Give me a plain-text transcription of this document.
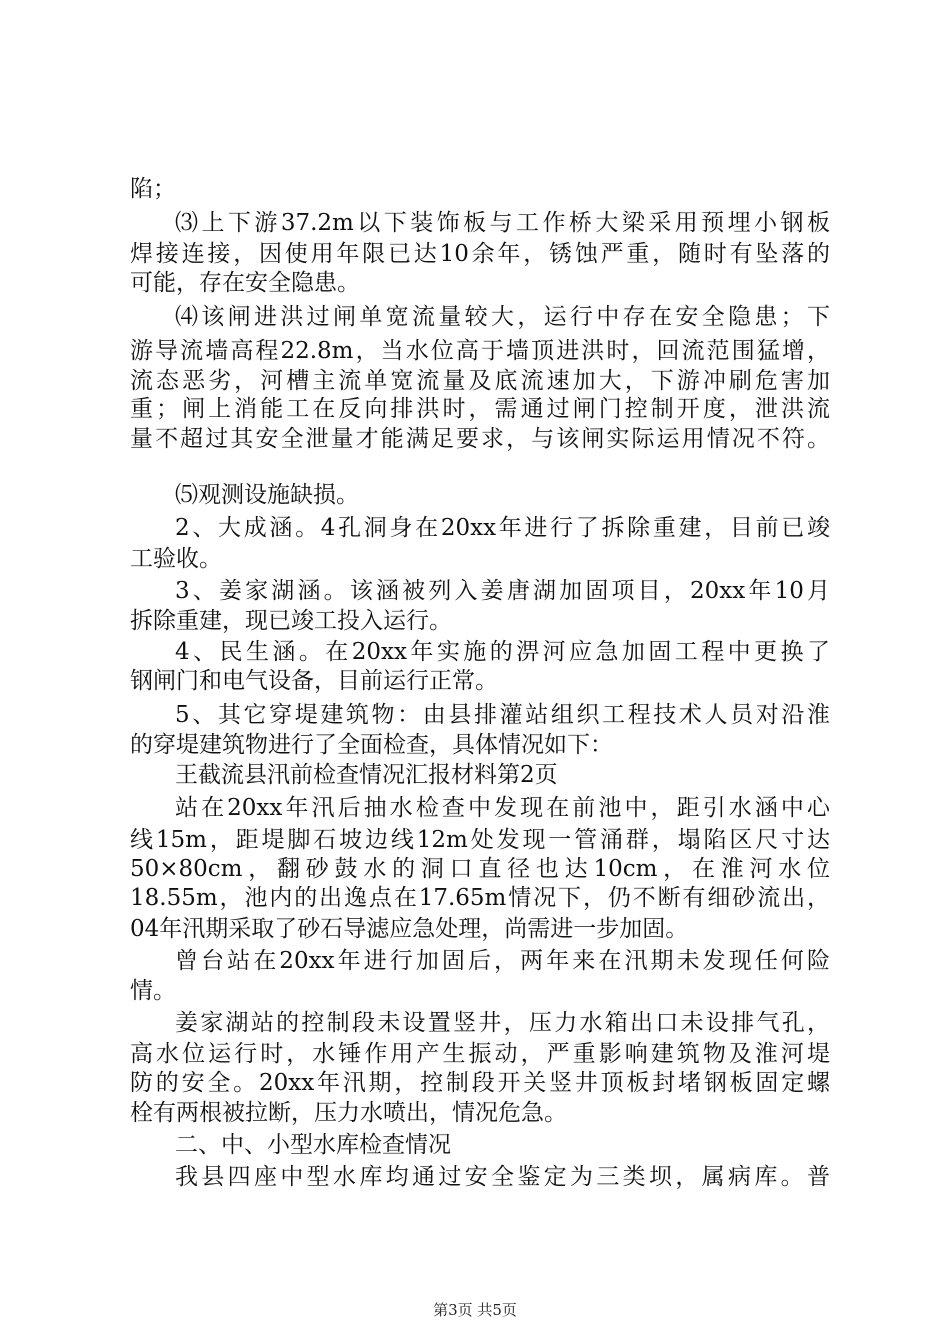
陷；
⑶上下游37.2m以下装饰板与工作桥大梁采用预埋小钢板
焊接连接，因使用年限已达10余年，锈蚀严重，随时有坠落的
可能，存在安全隐患。
⑷该闸进洪过闸单宽流量较大，运行中存在安全隐患；下
游导流墙高程22.8m，当水位高于墙顶进洪时，回流范围猛增，
流态恶劣，河槽主流单宽流量及底流速加大，下游冲刷危害加
重；闸上消能工在反向排洪时，需通过闸门控制开度，泄洪流
量不超过其安全泄量才能满足要求，与该闸实际运用情况不符。
⑸观测设施缺损。
2、大成涵。4孔洞身在20xx年进行了拆除重建，目前已竣
工验收。
3、姜家湖涵。该涵被列入姜唐湖加固项目，20xx年10月
拆除重建，现已竣工投入运行。
4、民生涵。在20xx年实施的淠河应急加固工程中更换了
钢闸门和电气设备，目前运行正常。
5、其它穿堤建筑物：由县排灌站组织工程技术人员对沿淮
的穿堤建筑物进行了全面检查，具体情况如下：
王截流县汛前检查情况汇报材料第2页
站在20xx年汛后抽水检查中发现在前池中，距引水涵中心
线15m，距堤脚石坡边线12m处发现一管涌群，塌陷区尺寸达
50×80cm，翻砂鼓水的洞口直径也达10cm，在淮河水位
18.55m，池内的出逸点在17.65m情况下，仍不断有细砂流出，
04年汛期采取了砂石导滤应急处理，尚需进一步加固。
曾台站在20xx年进行加固后，两年来在汛期未发现任何险
情。
姜家湖站的控制段未设置竖井，压力水箱出口未设排气孔，
高水位运行时，水锤作用产生振动，严重影响建筑物及淮河堤
防的安全。20xx年汛期，控制段开关竖井顶板封堵钢板固定螺
栓有两根被拉断，压力水喷出，情况危急。
二、中、小型水库检查情况
我县四座中型水库均通过安全鉴定为三类坝，属病库。普
第3页 共5页
